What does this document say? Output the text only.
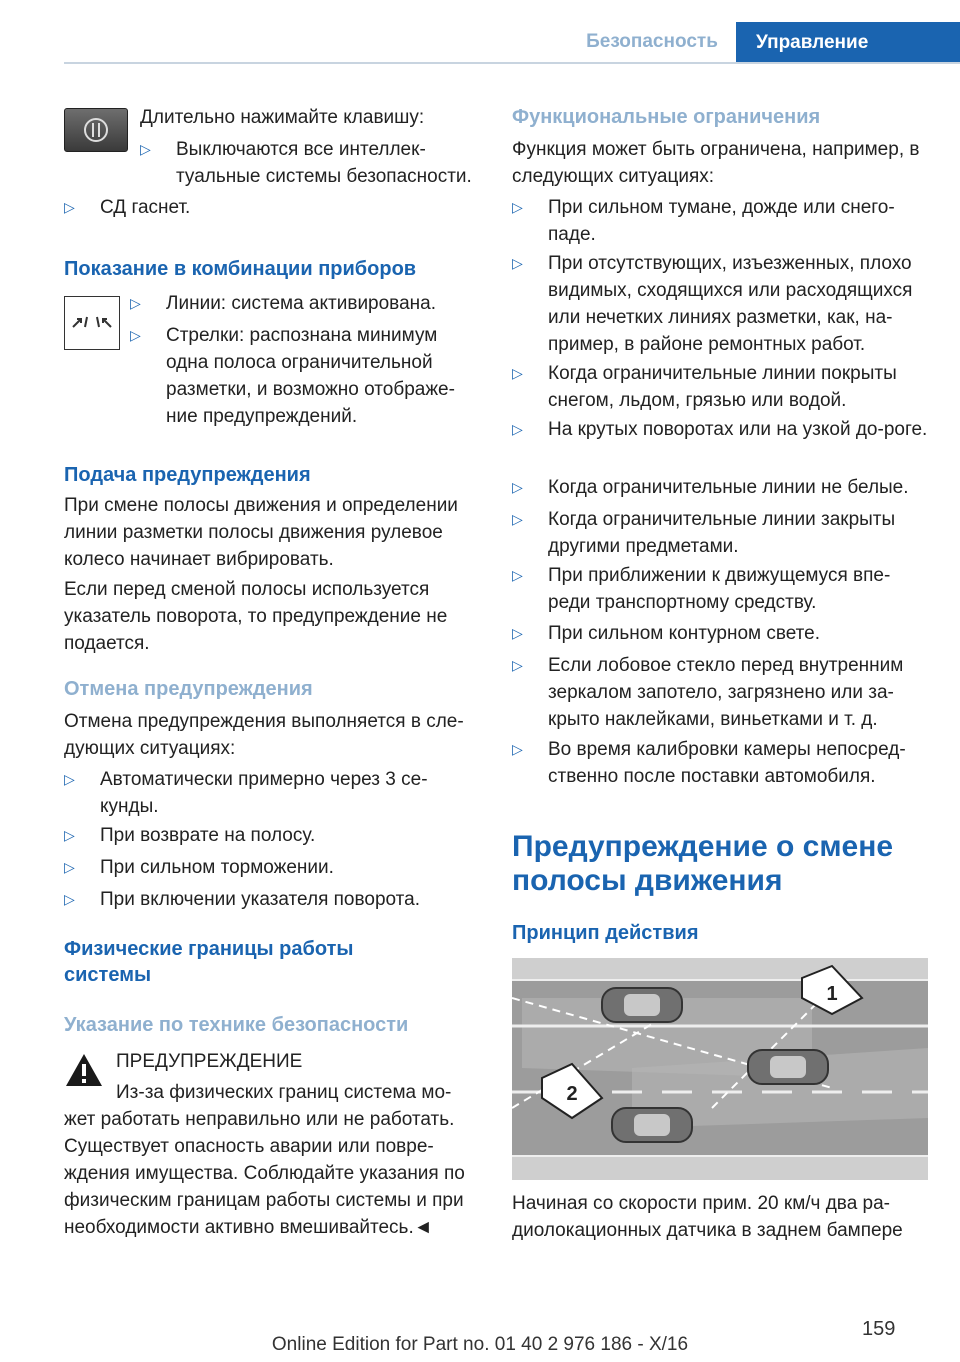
Безопасность	Управление

Длительно нажимайте клавишу:

▷	Выключаются все интеллек-туальные системы безопасности.
▷	СД гаснет.
Показание в комбинации приборов
▷	Линии: система активирована.
▷	Стрелки: распознана минимум одна полоса ограничительной разметки, и возможно отображе-ние предупреждений.
Подача предупреждения

При смене полосы движения и определении линии разметки полосы движения рулевое колесо начинает вибрировать.

Если перед сменой полосы используется указатель поворота, то предупреждение не подается.

Отмена предупреждения

Отмена предупреждения выполняется в сле-дующих ситуациях:

▷	Автоматически примерно через 3 се-кунды.
▷	При возврате на полосу.
▷	При сильном торможении.
▷	При включении указателя поворота.
Физические границы работы системы
Указание по технике безопасности

ПРЕДУПРЕЖДЕНИЕ

Из-за физических границ система мо-жет работать неправильно или не работать. Существует опасность аварии или повре-ждения имущества. Соблюдайте указания по физическим границам работы системы и при необходимости активно вмешивайтесь.◄

Функциональные ограничения

Функция может быть ограничена, например, в следующих ситуациях:

▷	При сильном тумане, дожде или снего-паде.
▷	При отсутствующих, изъезженных, плохо видимых, сходящихся или расходящихся или нечетких линиях разметки, как, на-пример, в районе ремонтных работ.
▷	Когда ограничительные линии покрыты снегом, льдом, грязью или водой.
▷	На крутых поворотах или на узкой до-роге.
▷	Когда ограничительные линии не белые.
▷	Когда ограничительные линии закрыты другими предметами.
▷	При приближении к движущемуся впе-реди транспортному средству.
▷	При сильном контурном свете.
▷	Если лобовое стекло перед внутренним зеркалом запотело, загрязнено или за-крыто наклейками, виньетками и т. д.
▷	Во время калибровки камеры непосред-ственно после поставки автомобиля.
Предупреждение о смене полосы движения
Принцип действия
1
2

Начиная со скорости прим. 20 км/ч два ра-диолокационных датчика в заднем бампере

159
Online Edition for Part no. 01 40 2 976 186 - X/16
